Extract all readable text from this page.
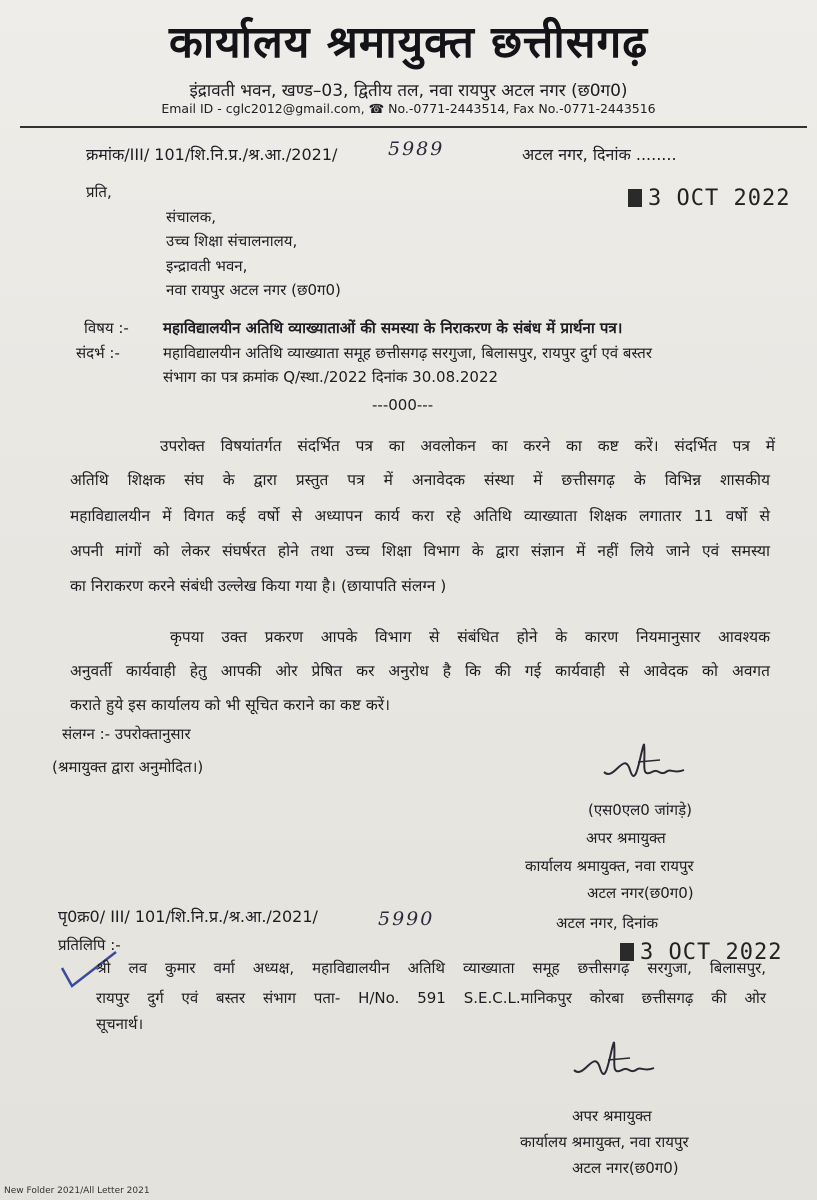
कार्यालय श्रमायुक्त छत्तीसगढ़
इंद्रावती भवन, खण्ड–03, द्वितीय तल, नवा रायपुर अटल नगर (छ0ग0)
Email ID - cglc2012@gmail.com, ☎ No.-0771-2443514, Fax No.-0771-2443516
क्रमांक/III/ 101/शि.नि.प्र./श्र.आ./2021/	5989	अटल नगर, दिनांक ........
3 OCT 2022
प्रति,
संचालक,
उच्च शिक्षा संचालनालय,
इन्द्रावती भवन,
नवा रायपुर अटल नगर (छ0ग0)
विषय :- महाविद्यालयीन अतिथि व्याख्याताओं की समस्या के निराकरण के संबंध में प्रार्थना पत्र।
संदर्भ :-	महाविद्यालयीन अतिथि व्याख्याता समूह छत्तीसगढ़ सरगुजा, बिलासपुर, रायपुर दुर्ग एवं बस्तर
संभाग का पत्र क्रमांक Q/स्था./2022 दिनांक 30.08.2022
---000---
उपरोक्त विषयांतर्गत संदर्भित पत्र का अवलोकन का करने का कष्ट करें। संदर्भित पत्र में
अतिथि शिक्षक संघ के द्वारा प्रस्तुत पत्र में अनावेदक संस्था में छत्तीसगढ़ के विभिन्न शासकीय
महाविद्यालयीन में विगत कई वर्षो से अध्यापन कार्य करा रहे अतिथि व्याख्याता शिक्षक लगातार 11 वर्षो से
अपनी मांगों को लेकर संघर्षरत होने तथा उच्च शिक्षा विभाग के द्वारा संज्ञान में नहीं लिये जाने एवं समस्या
का निराकरण करने संबंधी उल्लेख किया गया है। (छायापति संलग्न )
कृपया उक्त प्रकरण आपके विभाग से संबंधित होने के कारण नियमानुसार आवश्यक
अनुवर्ती कार्यवाही हेतु आपकी ओर प्रेषित कर अनुरोध है कि की गई कार्यवाही से आवेदक को अवगत
कराते हुये इस कार्यालय को भी सूचित कराने का कष्ट करें।
संलग्न :- उपरोक्तानुसार
(श्रमायुक्त द्वारा अनुमोदित।)
(एस0एल0 जांगड़े)
अपर श्रमायुक्त
कार्यालय श्रमायुक्त, नवा रायपुर
अटल नगर(छ0ग0)
पृ0क्र0/ III/ 101/शि.नि.प्र./श्र.आ./2021/	5990	अटल नगर, दिनांक
प्रतिलिपि :-	3 OCT 2022
श्री लव कुमार वर्मा अध्यक्ष, महाविद्यालयीन अतिथि व्याख्याता समूह छत्तीसगढ़ सरगुजा, बिलासपुर,
रायपुर दुर्ग एवं बस्तर संभाग पता- H/No. 591 S.E.C.L.मानिकपुर कोरबा छत्तीसगढ़ की ओर
सूचनार्थ।
अपर श्रमायुक्त
कार्यालय श्रमायुक्त, नवा रायपुर
अटल नगर(छ0ग0)
New Folder 2021/All Letter 2021
